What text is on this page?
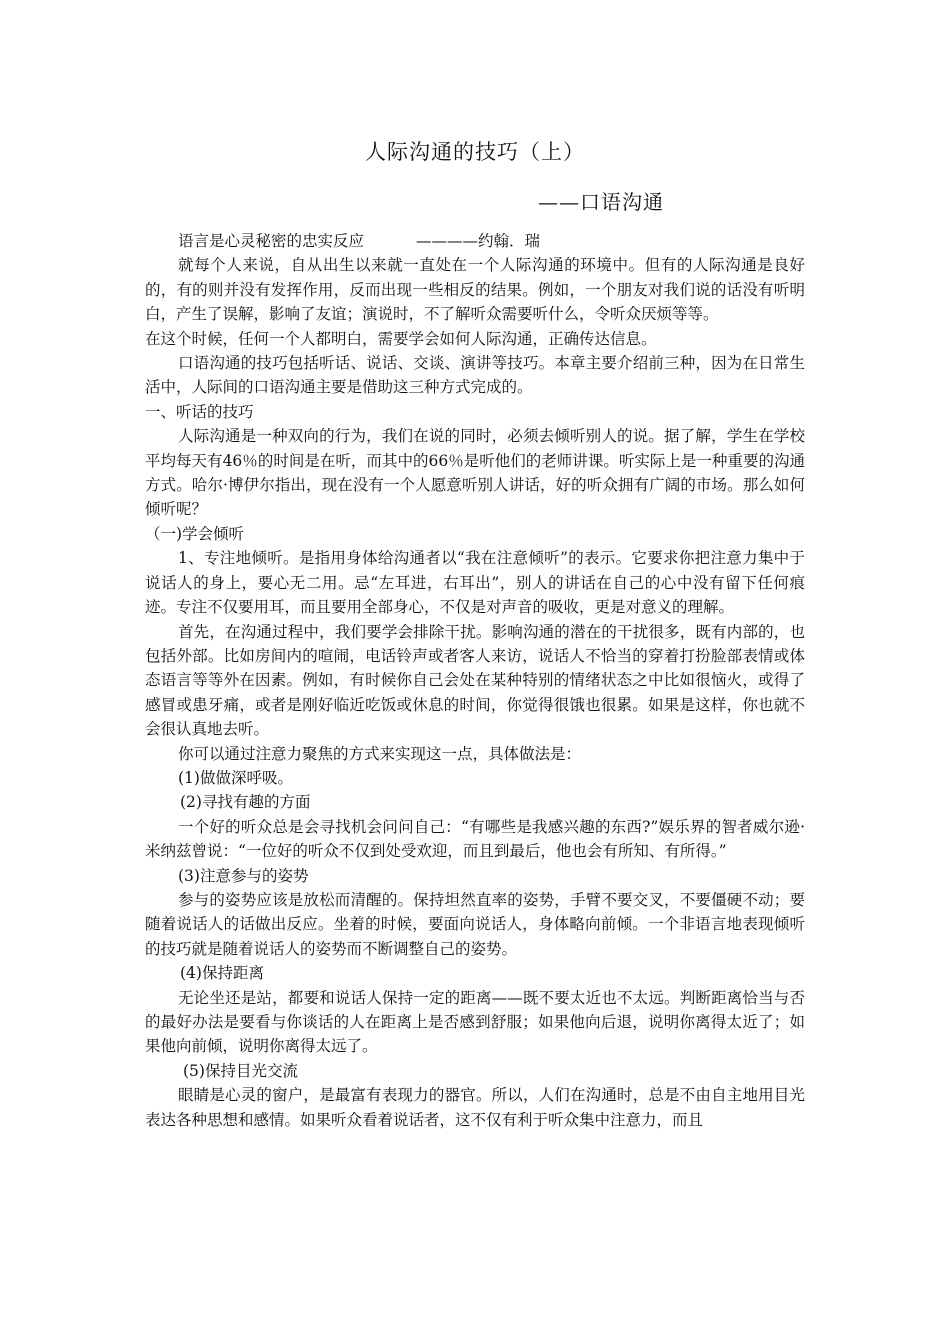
人际沟通的技巧（上）
——口语沟通

语言是心灵秘密的忠实反应	————约翰．瑞

就每个人来说，自从出生以来就一直处在一个人际沟通的环境中。但有的人际沟通是良好的，有的则并没有发挥作用，反而出现一些相反的结果。例如，一个朋友对我们说的话没有听明白，产生了误解，影响了友谊；演说时，不了解听众需要听什么，令听众厌烦等等。

在这个时候，任何一个人都明白，需要学会如何人际沟通，正确传达信息。

口语沟通的技巧包括听话、说话、交谈、演讲等技巧。本章主要介绍前三种，因为在日常生活中，人际间的口语沟通主要是借助这三种方式完成的。

一、听话的技巧

人际沟通是一种双向的行为，我们在说的同时，必须去倾听别人的说。据了解，学生在学校平均每天有46％的时间是在听，而其中的66％是听他们的老师讲课。听实际上是一种重要的沟通方式。哈尔·博伊尔指出，现在没有一个人愿意听别人讲话，好的听众拥有广阔的市场。那么如何倾听呢？

（一)学会倾听

1、专注地倾听。是指用身体给沟通者以“我在注意倾听”的表示。它要求你把注意力集中于说话人的身上，要心无二用。忌“左耳进，右耳出”，别人的讲话在自己的心中没有留下任何痕迹。专注不仅要用耳，而且要用全部身心，不仅是对声音的吸收，更是对意义的理解。

首先，在沟通过程中，我们要学会排除干扰。影响沟通的潜在的干扰很多，既有内部的，也包括外部。比如房间内的喧闹，电话铃声或者客人来访，说话人不恰当的穿着打扮脸部表情或体态语言等等外在因素。例如，有时候你自己会处在某种特别的情绪状态之中比如很恼火，或得了感冒或患牙痛，或者是刚好临近吃饭或休息的时间，你觉得很饿也很累。如果是这样，你也就不会很认真地去听。

你可以通过注意力聚焦的方式来实现这一点，具体做法是：

(1)做做深呼吸。

(2)寻找有趣的方面

一个好的听众总是会寻找机会问问自己：“有哪些是我感兴趣的东西?”娱乐界的智者威尔逊·米纳兹曾说：“一位好的听众不仅到处受欢迎，而且到最后，他也会有所知、有所得。”

(3)注意参与的姿势

参与的姿势应该是放松而清醒的。保持坦然直率的姿势，手臂不要交叉，不要僵硬不动；要随着说话人的话做出反应。坐着的时候，要面向说话人，身体略向前倾。一个非语言地表现倾听的技巧就是随着说话人的姿势而不断调整自己的姿势。

(4)保持距离

无论坐还是站，都要和说话人保持一定的距离——既不要太近也不太远。判断距离恰当与否的最好办法是要看与你谈话的人在距离上是否感到舒服；如果他向后退，说明你离得太近了；如果他向前倾，说明你离得太远了。

(5)保持目光交流

眼睛是心灵的窗户，是最富有表现力的器官。所以，人们在沟通时，总是不由自主地用目光表达各种思想和感情。如果听众看着说话者，这不仅有利于听众集中注意力，而且
